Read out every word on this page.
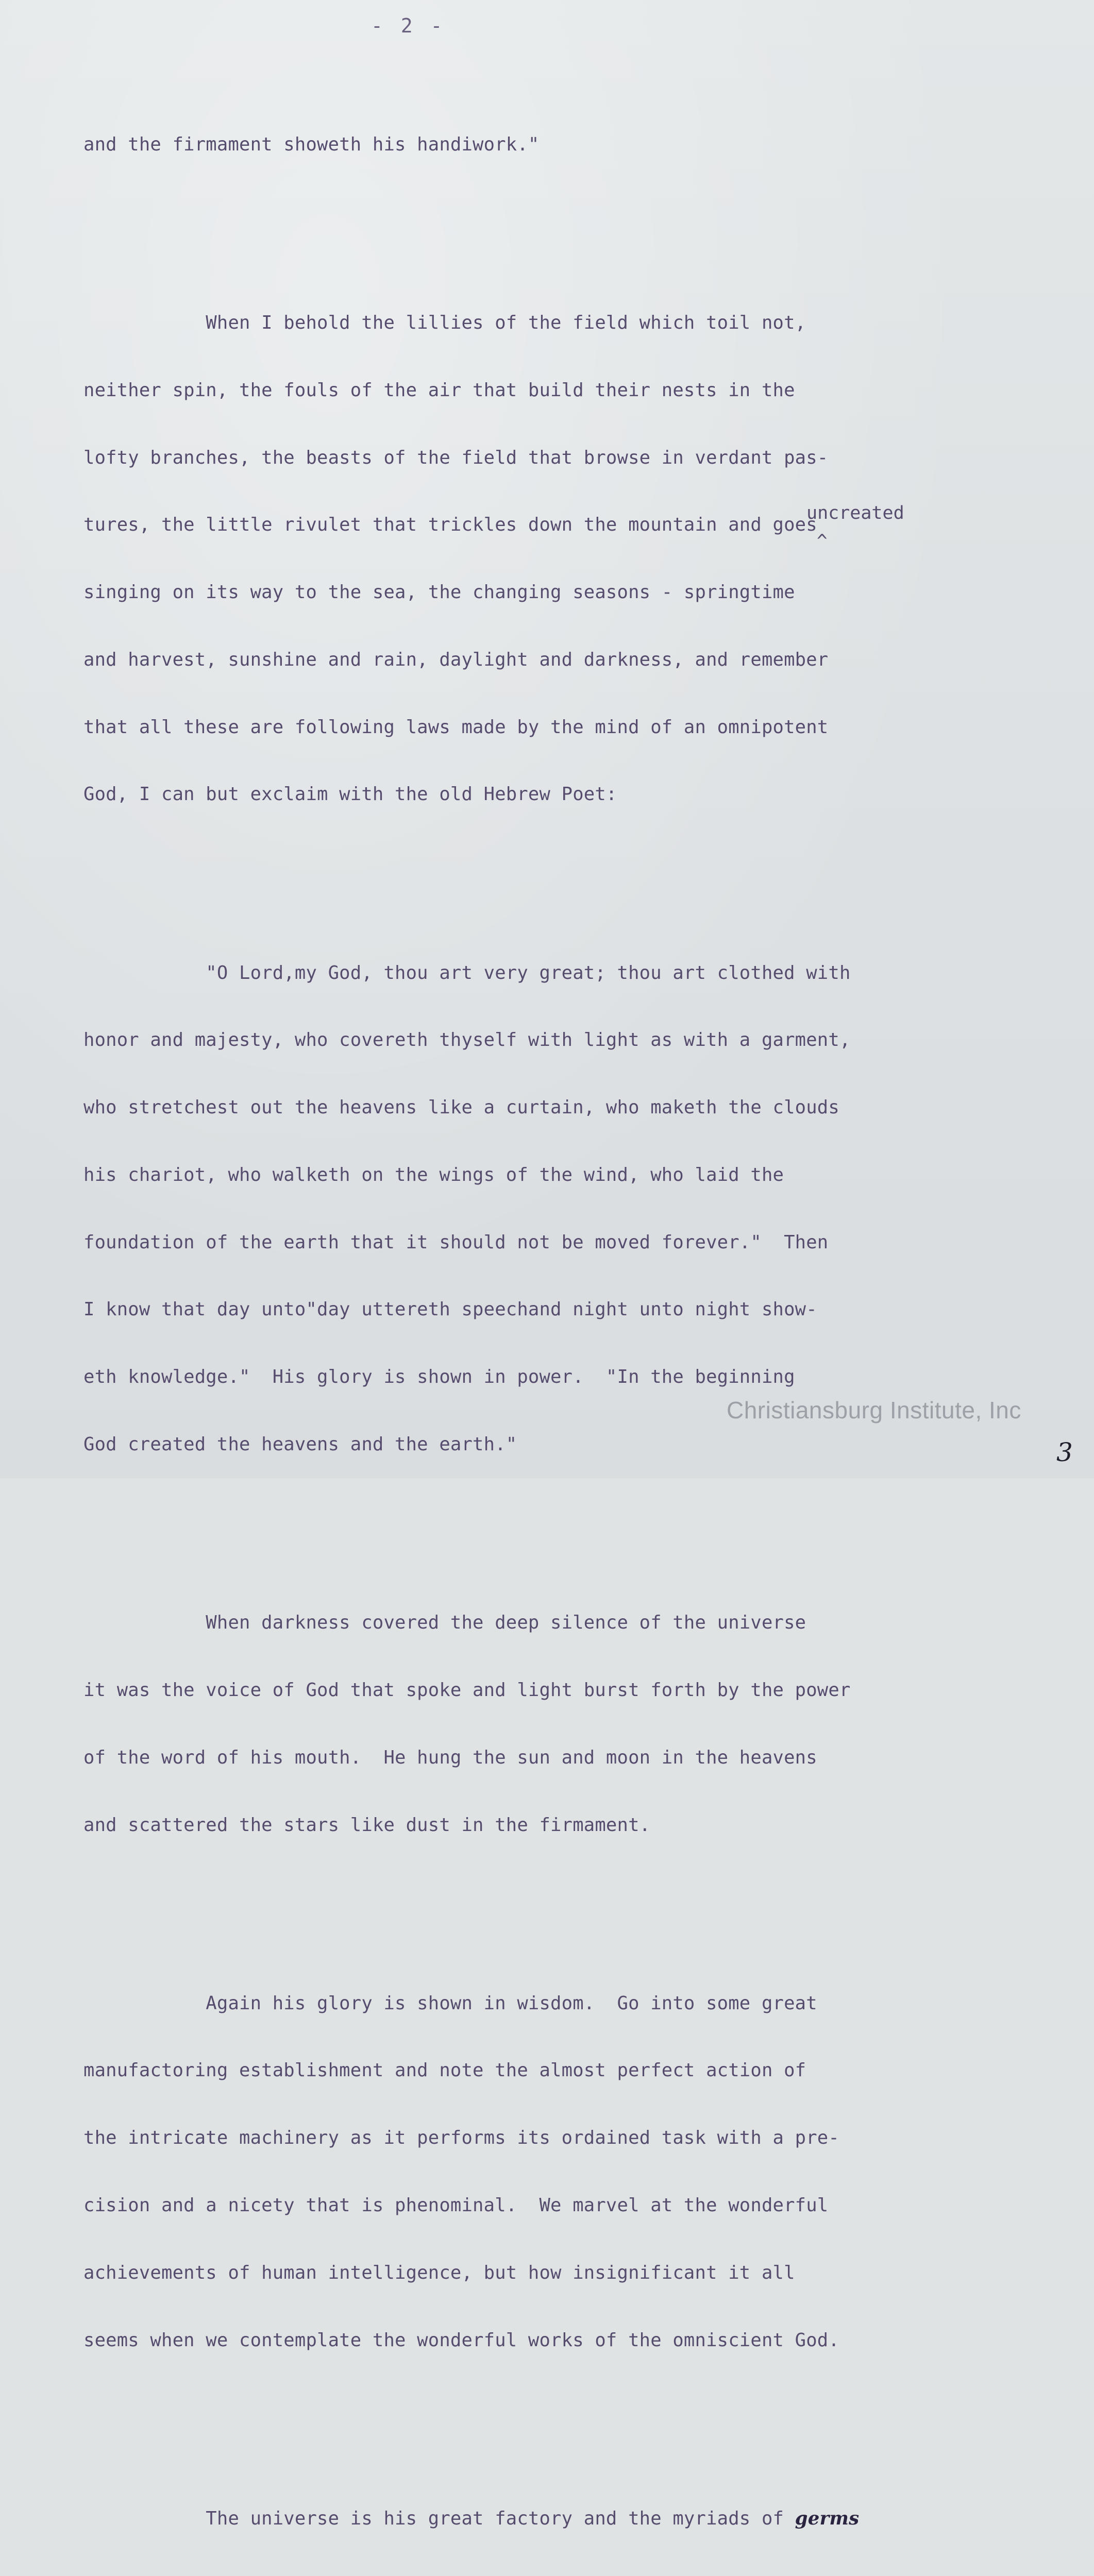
- 2 -
uncreated
^

and the firmament showeth his handiwork."

When I behold the lillies of the field which toil not,

neither spin, the fouls of the air that build their nests in the

lofty branches, the beasts of the field that browse in verdant pas-

tures, the little rivulet that trickles down the mountain and goes

singing on its way to the sea, the changing seasons - springtime

and harvest, sunshine and rain, daylight and darkness, and remember

that all these are following laws made by the mind of an omnipotent

God, I can but exclaim with the old Hebrew Poet:

"O Lord,my God, thou art very great; thou art clothed with

honor and majesty, who covereth thyself with light as with a garment,

who stretchest out the heavens like a curtain, who maketh the clouds

his chariot, who walketh on the wings of the wind, who laid the

foundation of the earth that it should not be moved forever."  Then

I know that day unto"day uttereth speechand night unto night show-

eth knowledge."  His glory is shown in power.  "In the beginning

God created the heavens and the earth."

When darkness covered the deep silence of the universe

it was the voice of God that spoke and light burst forth by the power

of the word of his mouth.  He hung the sun and moon in the heavens

and scattered the stars like dust in the firmament.

Again his glory is shown in wisdom.  Go into some great

manufactoring establishment and note the almost perfect action of

the intricate machinery as it performs its ordained task with a pre-

cision and a nicety that is phenominal.  We marvel at the wonderful

achievements of human intelligence, but how insignificant it all

seems when we contemplate the wonderful works of the omniscient God.

The universe is his great factory and the myriads of germs

Christiansburg Institute, Inc
3
